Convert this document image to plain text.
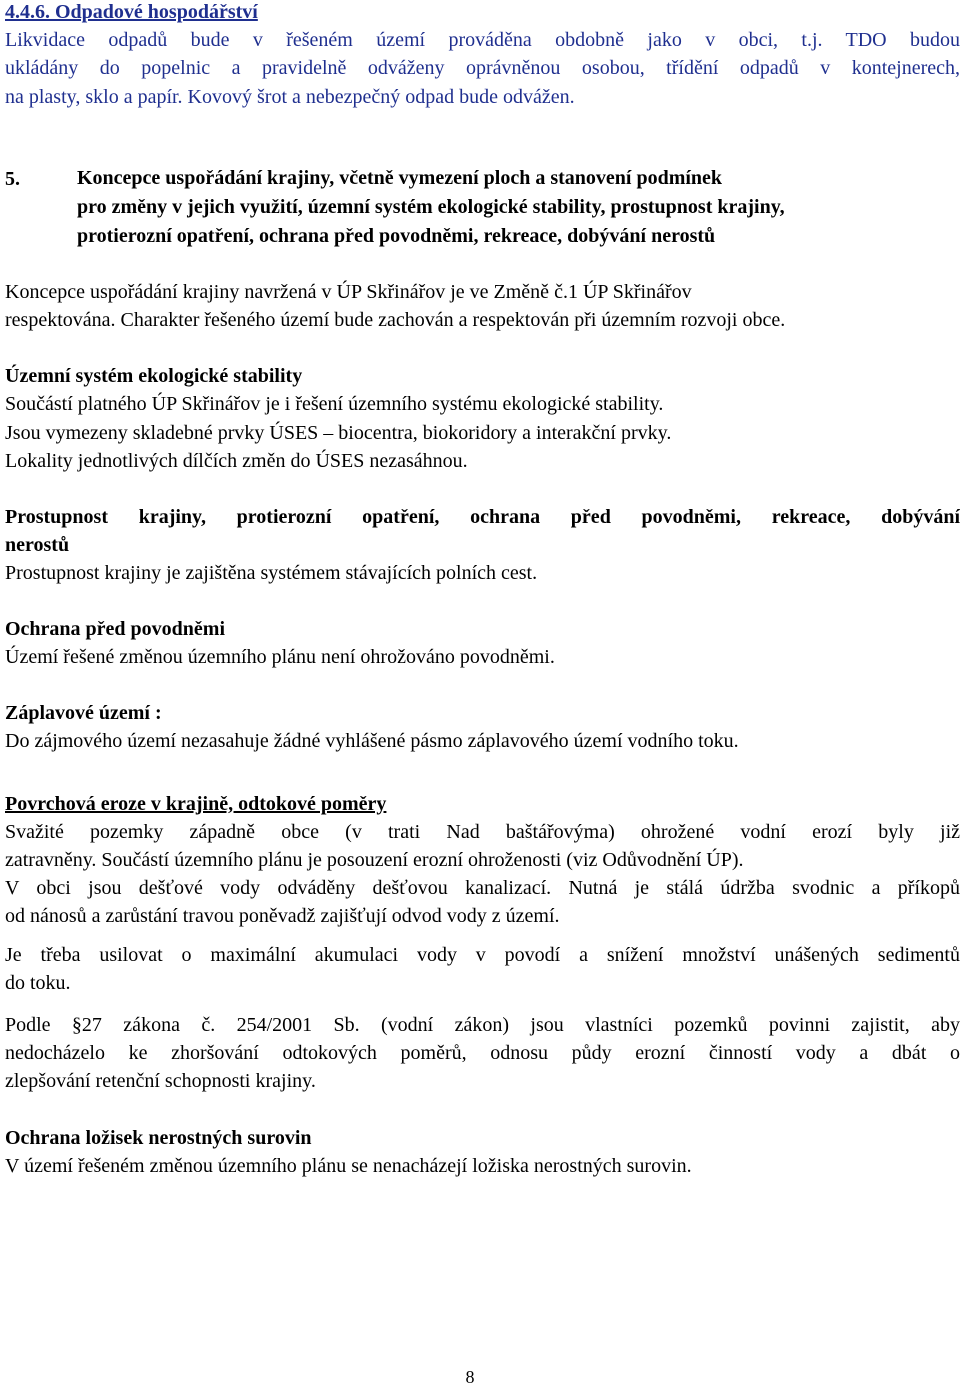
4.4.6. Odpadové hospodářství
Likvidace odpadů bude v řešeném území prováděna obdobně jako v obci, t.j. TDO budou
ukládány do popelnic a pravidelně odváženy oprávněnou osobou, třídění odpadů v kontejnerech,
na plasty, sklo a papír. Kovový šrot a nebezpečný odpad bude odvážen.
5.	Koncepce uspořádání krajiny, včetně vymezení ploch a stanovení podmínek
pro změny v jejich využití, územní systém ekologické stability, prostupnost krajiny,
protierozní opatření, ochrana před povodněmi, rekreace, dobývání nerostů
Koncepce uspořádání krajiny navržená v ÚP Skřinářov je ve Změně č.1 ÚP Skřinářov
respektována. Charakter řešeného území bude zachován a respektován při územním rozvoji obce.
Územní systém ekologické stability
Součástí platného ÚP Skřinářov je i řešení územního systému ekologické stability.
Jsou vymezeny skladebné prvky ÚSES – biocentra, biokoridory a interakční prvky.
Lokality jednotlivých dílčích změn do ÚSES nezasáhnou.
Prostupnost krajiny, protierozní opatření, ochrana před povodněmi, rekreace, dobývání
nerostů
Prostupnost krajiny je zajištěna systémem stávajících polních cest.
Ochrana před povodněmi
Území řešené změnou územního plánu není ohrožováno povodněmi.
Záplavové území :
Do zájmového území nezasahuje žádné vyhlášené pásmo záplavového území vodního toku.
Povrchová eroze v krajině, odtokové poměry
Svažité pozemky západně obce (v trati Nad baštářovýma) ohrožené vodní erozí byly již
zatravněny. Součástí územního plánu je posouzení erozní ohroženosti (viz Odůvodnění ÚP).
V obci jsou dešťové vody odváděny dešťovou kanalizací. Nutná je stálá údržba svodnic a příkopů
od nánosů a zarůstání travou poněvadž zajišťují odvod vody z území.
Je třeba usilovat o maximální akumulaci vody v povodí a snížení množství unášených sedimentů
do toku.
Podle §27 zákona č. 254/2001 Sb. (vodní zákon) jsou vlastníci pozemků povinni zajistit, aby
nedocházelo ke zhoršování odtokových poměrů, odnosu půdy erozní činností vody a dbát o
zlepšování retenční schopnosti krajiny.
Ochrana ložisek nerostných surovin
V území řešeném změnou územního plánu se nenacházejí ložiska nerostných surovin.
8
